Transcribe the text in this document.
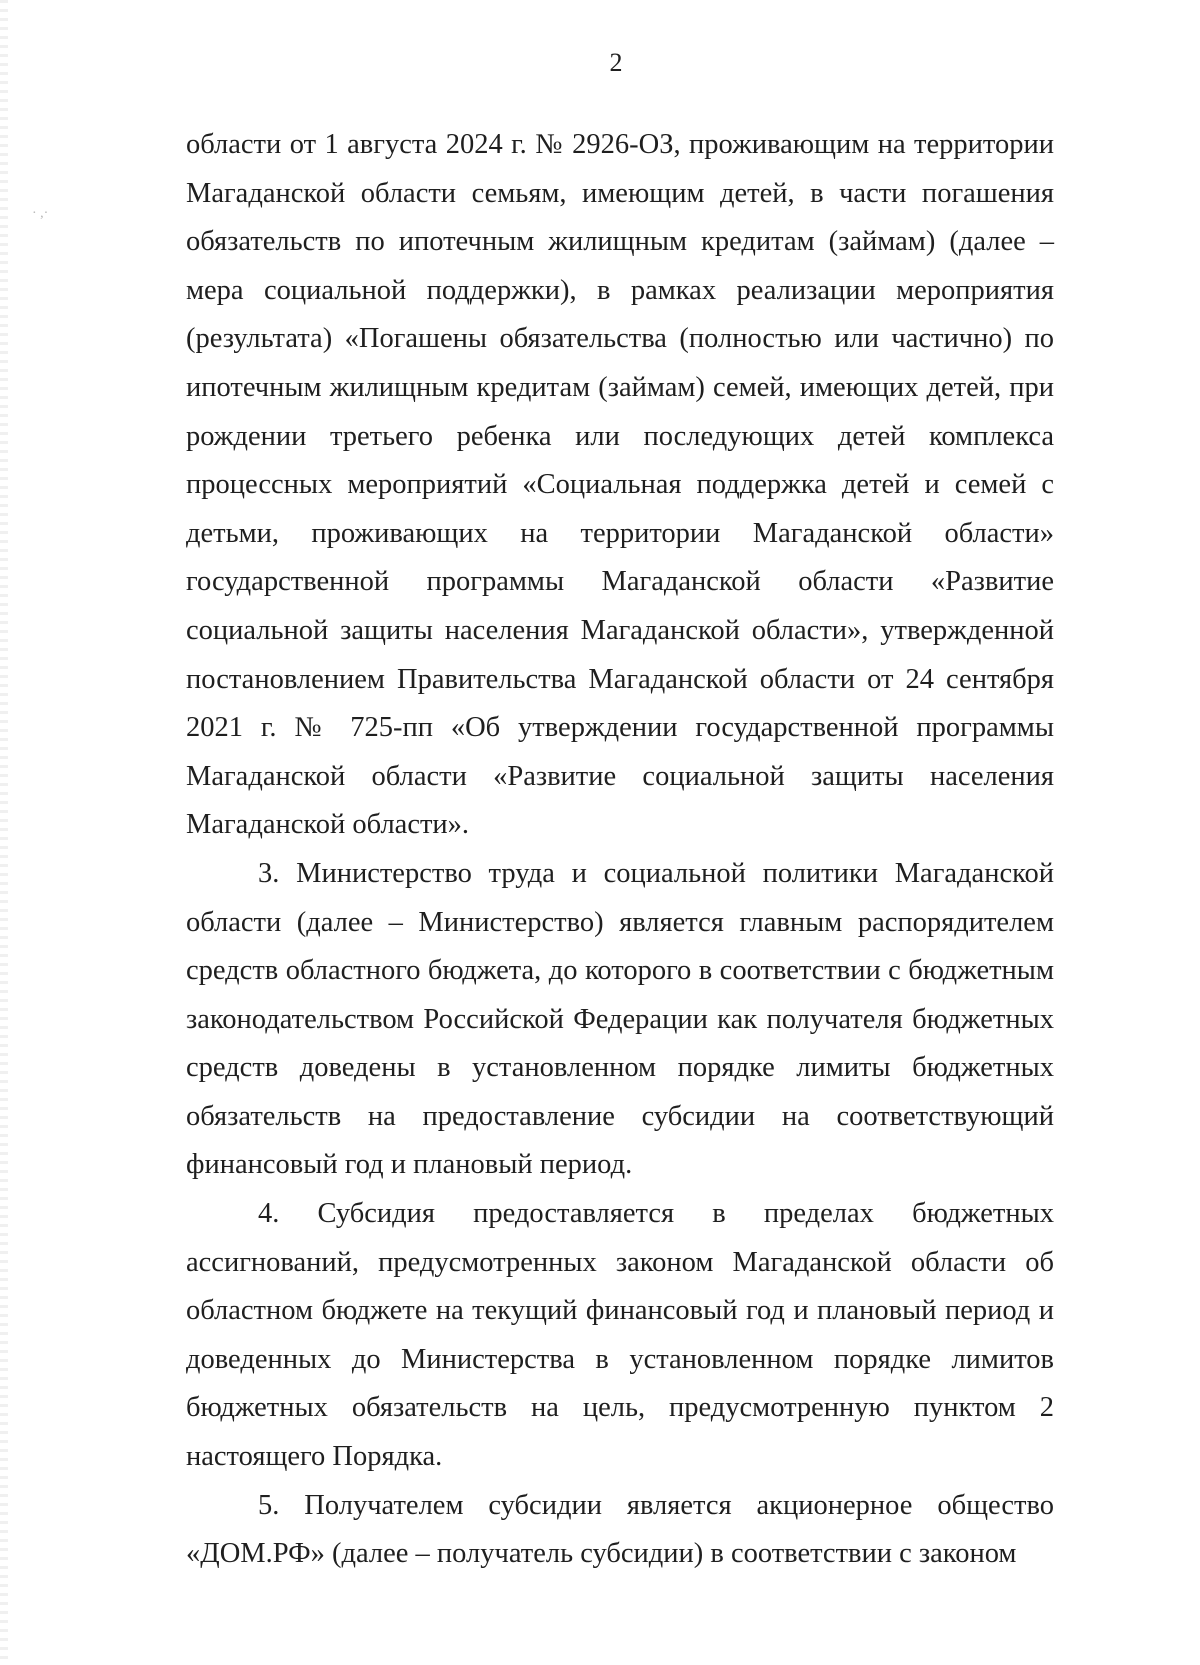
· ,·
2

области от 1 августа 2024 г. № 2926-ОЗ, проживающим на территории Магаданской области семьям, имеющим детей, в части погашения обязательств по ипотечным жилищным кредитам (займам) (далее – мера социальной поддержки), в рамках реализации мероприятия (результата) «Погашены обязательства (полностью или частично) по ипотечным жилищным кредитам (займам) семей, имеющих детей, при рождении третьего ребенка или последующих детей комплекса процессных мероприятий «Социальная поддержка детей и семей с детьми, проживающих на территории Магаданской области» государственной программы Магаданской области «Развитие социальной защиты населения Магаданской области», утвержденной постановлением Правительства Магаданской области от 24 сентября 2021 г. № 725-пп «Об утверждении государственной программы Магаданской области «Развитие социальной защиты населения Магаданской области».

3. Министерство труда и социальной политики Магаданской области (далее – Министерство) является главным распорядителем средств областного бюджета, до которого в соответствии с бюджетным законодательством Российской Федерации как получателя бюджетных средств доведены в установленном порядке лимиты бюджетных обязательств на предоставление субсидии на соответствующий финансовый год и плановый период.

4. Субсидия предоставляется в пределах бюджетных ассигнований, предусмотренных законом Магаданской области об областном бюджете на текущий финансовый год и плановый период и доведенных до Министерства в установленном порядке лимитов бюджетных обязательств на цель, предусмотренную пунктом 2 настоящего Порядка.

5. Получателем субсидии является акционерное общество «ДОМ.РФ» (далее – получатель субсидии) в соответствии с законом
